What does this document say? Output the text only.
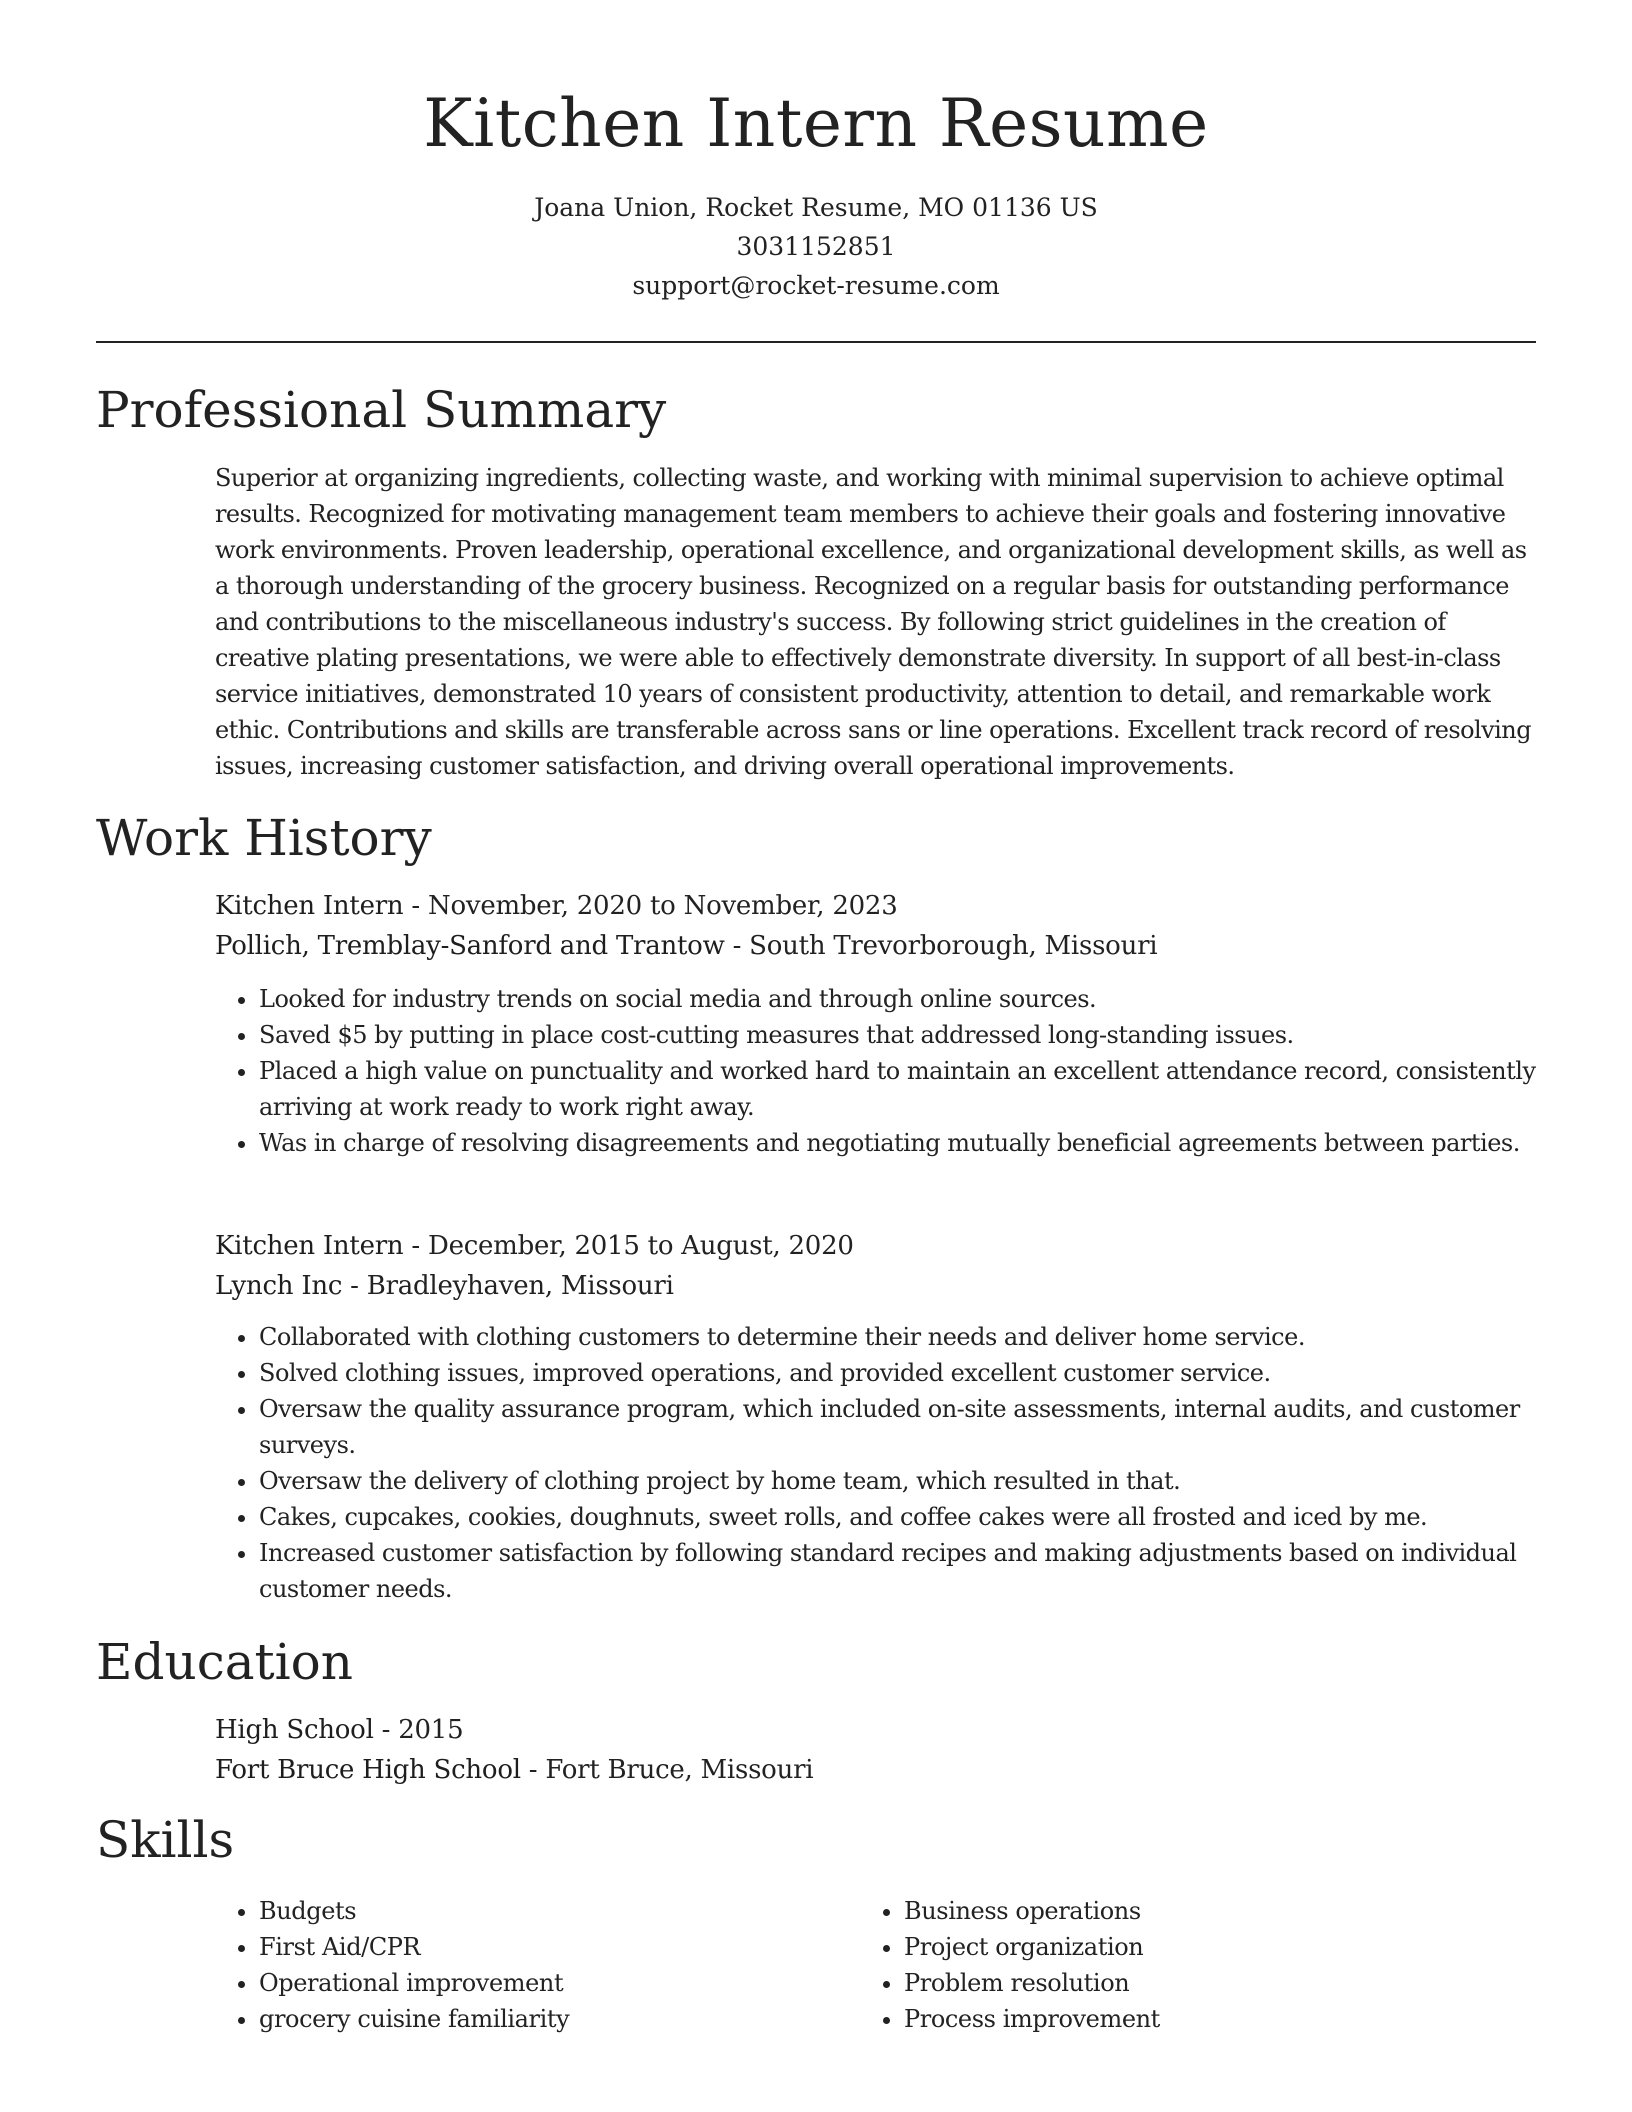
Kitchen Intern Resume

Joana Union, Rocket Resume, MO 01136 US

3031152851

support@rocket-resume.com

Professional Summary

Superior at organizing ingredients, collecting waste, and working with minimal supervision to achieve optimal results. Recognized for motivating management team members to achieve their goals and fostering innovative work environments. Proven leadership, operational excellence, and organizational development skills, as well as a thorough understanding of the grocery business. Recognized on a regular basis for outstanding performance and contributions to the miscellaneous industry's success. By following strict guidelines in the creation of creative plating presentations, we were able to effectively demonstrate diversity. In support of all best-in-class service initiatives, demonstrated 10 years of consistent productivity, attention to detail, and remarkable work ethic. Contributions and skills are transferable across sans or line operations. Excellent track record of resolving issues, increasing customer satisfaction, and driving overall operational improvements.

Work History

Kitchen Intern - November, 2020 to November, 2023

Pollich, Tremblay-Sanford and Trantow - South Trevorborough, Missouri

• Looked for industry trends on social media and through online sources.
• Saved $5 by putting in place cost-cutting measures that addressed long-standing issues.
• Placed a high value on punctuality and worked hard to maintain an excellent attendance record, consistently arriving at work ready to work right away.
• Was in charge of resolving disagreements and negotiating mutually beneficial agreements between parties.

Kitchen Intern - December, 2015 to August, 2020

Lynch Inc - Bradleyhaven, Missouri

• Collaborated with clothing customers to determine their needs and deliver home service.
• Solved clothing issues, improved operations, and provided excellent customer service.
• Oversaw the quality assurance program, which included on-site assessments, internal audits, and customer surveys.
• Oversaw the delivery of clothing project by home team, which resulted in that.
• Cakes, cupcakes, cookies, doughnuts, sweet rolls, and coffee cakes were all frosted and iced by me.
• Increased customer satisfaction by following standard recipes and making adjustments based on individual customer needs.
Education

High School - 2015

Fort Bruce High School - Fort Bruce, Missouri

Skills
• Budgets
• First Aid/CPR
• Operational improvement
• grocery cuisine familiarity
• Business operations
• Project organization
• Problem resolution
• Process improvement
